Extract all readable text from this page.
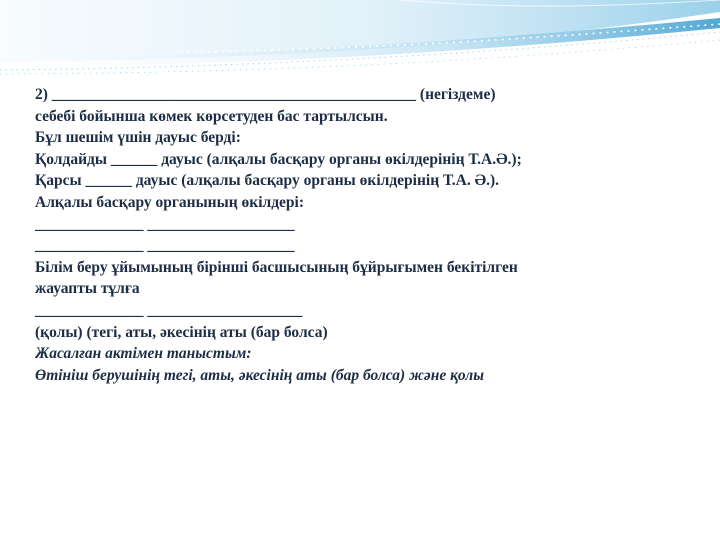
2) _______________________________________________ (негіздеме)
себебі бойынша көмек көрсетуден бас тартылсын.
Бұл шешім үшін дауыс берді:
Қолдайды ______ дауыс (алқалы басқару органы өкілдерінің Т.А.Ә.);
Қарсы ______ дауыс (алқалы басқару органы өкілдерінің Т.А. Ә.).
Алқалы басқару органының өкілдері:
______________ ___________________
______________ ___________________
Білім беру ұйымының бірінші басшысының бұйрығымен бекітілген
жауапты тұлға
______________ ____________________
(қолы) (тегі, аты, әкесінің аты (бар болса)
Жасалған актімен таныстым:
Өтініш берушінің тегі, аты, әкесінің аты (бар болса) және қолы
